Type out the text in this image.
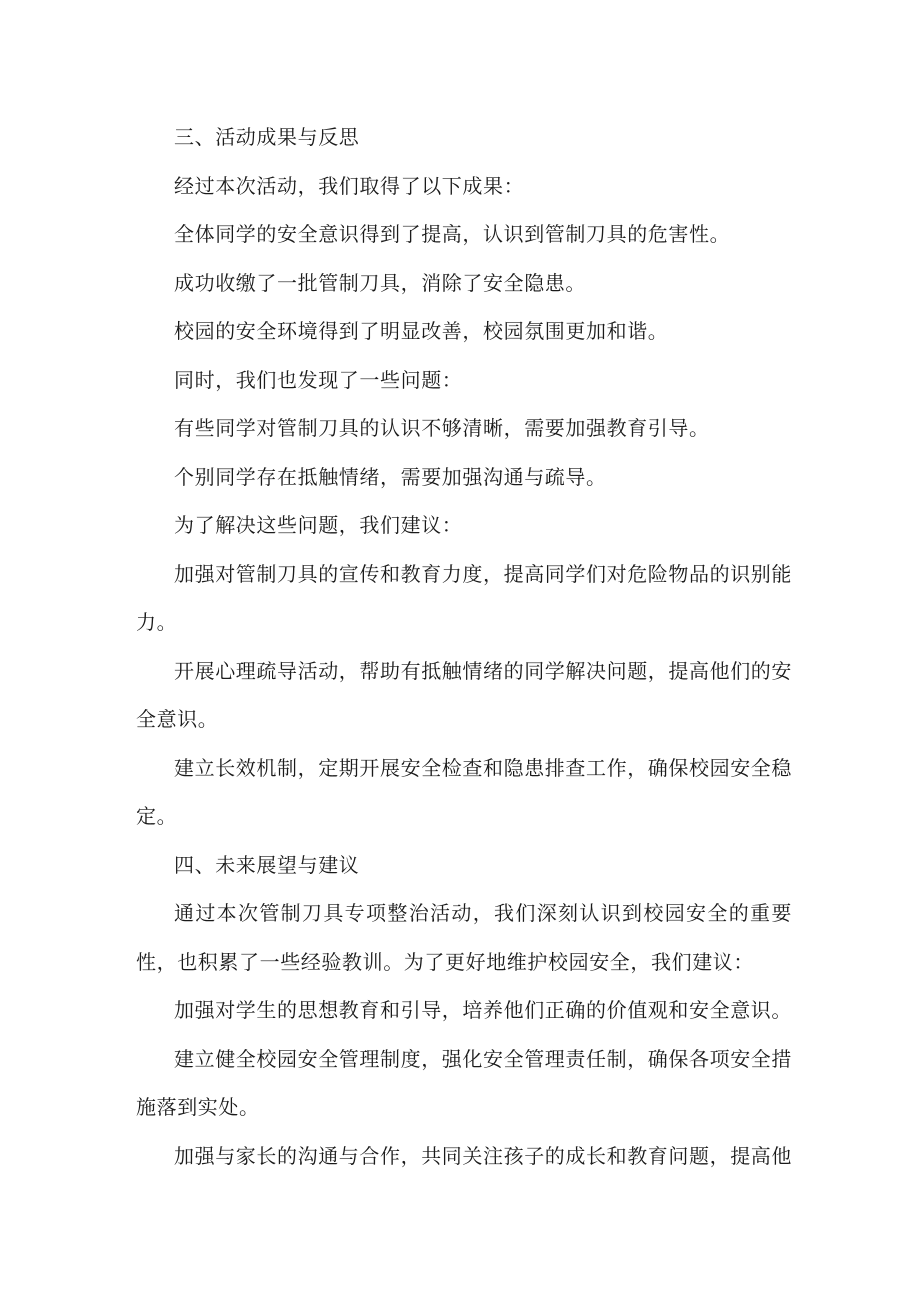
三、活动成果与反思

经过本次活动，我们取得了以下成果：

全体同学的安全意识得到了提高，认识到管制刀具的危害性。

成功收缴了一批管制刀具，消除了安全隐患。

校园的安全环境得到了明显改善，校园氛围更加和谐。

同时，我们也发现了一些问题：

有些同学对管制刀具的认识不够清晰，需要加强教育引导。

个别同学存在抵触情绪，需要加强沟通与疏导。

为了解决这些问题，我们建议：

加强对管制刀具的宣传和教育力度，提高同学们对危险物品的识别能力。

开展心理疏导活动，帮助有抵触情绪的同学解决问题，提高他们的安全意识。

建立长效机制，定期开展安全检查和隐患排查工作，确保校园安全稳定。

四、未来展望与建议

通过本次管制刀具专项整治活动，我们深刻认识到校园安全的重要性，也积累了一些经验教训。为了更好地维护校园安全，我们建议：

加强对学生的思想教育和引导，培养他们正确的价值观和安全意识。

建立健全校园安全管理制度，强化安全管理责任制，确保各项安全措施落到实处。

加强与家长的沟通与合作，共同关注孩子的成长和教育问题，提高他
